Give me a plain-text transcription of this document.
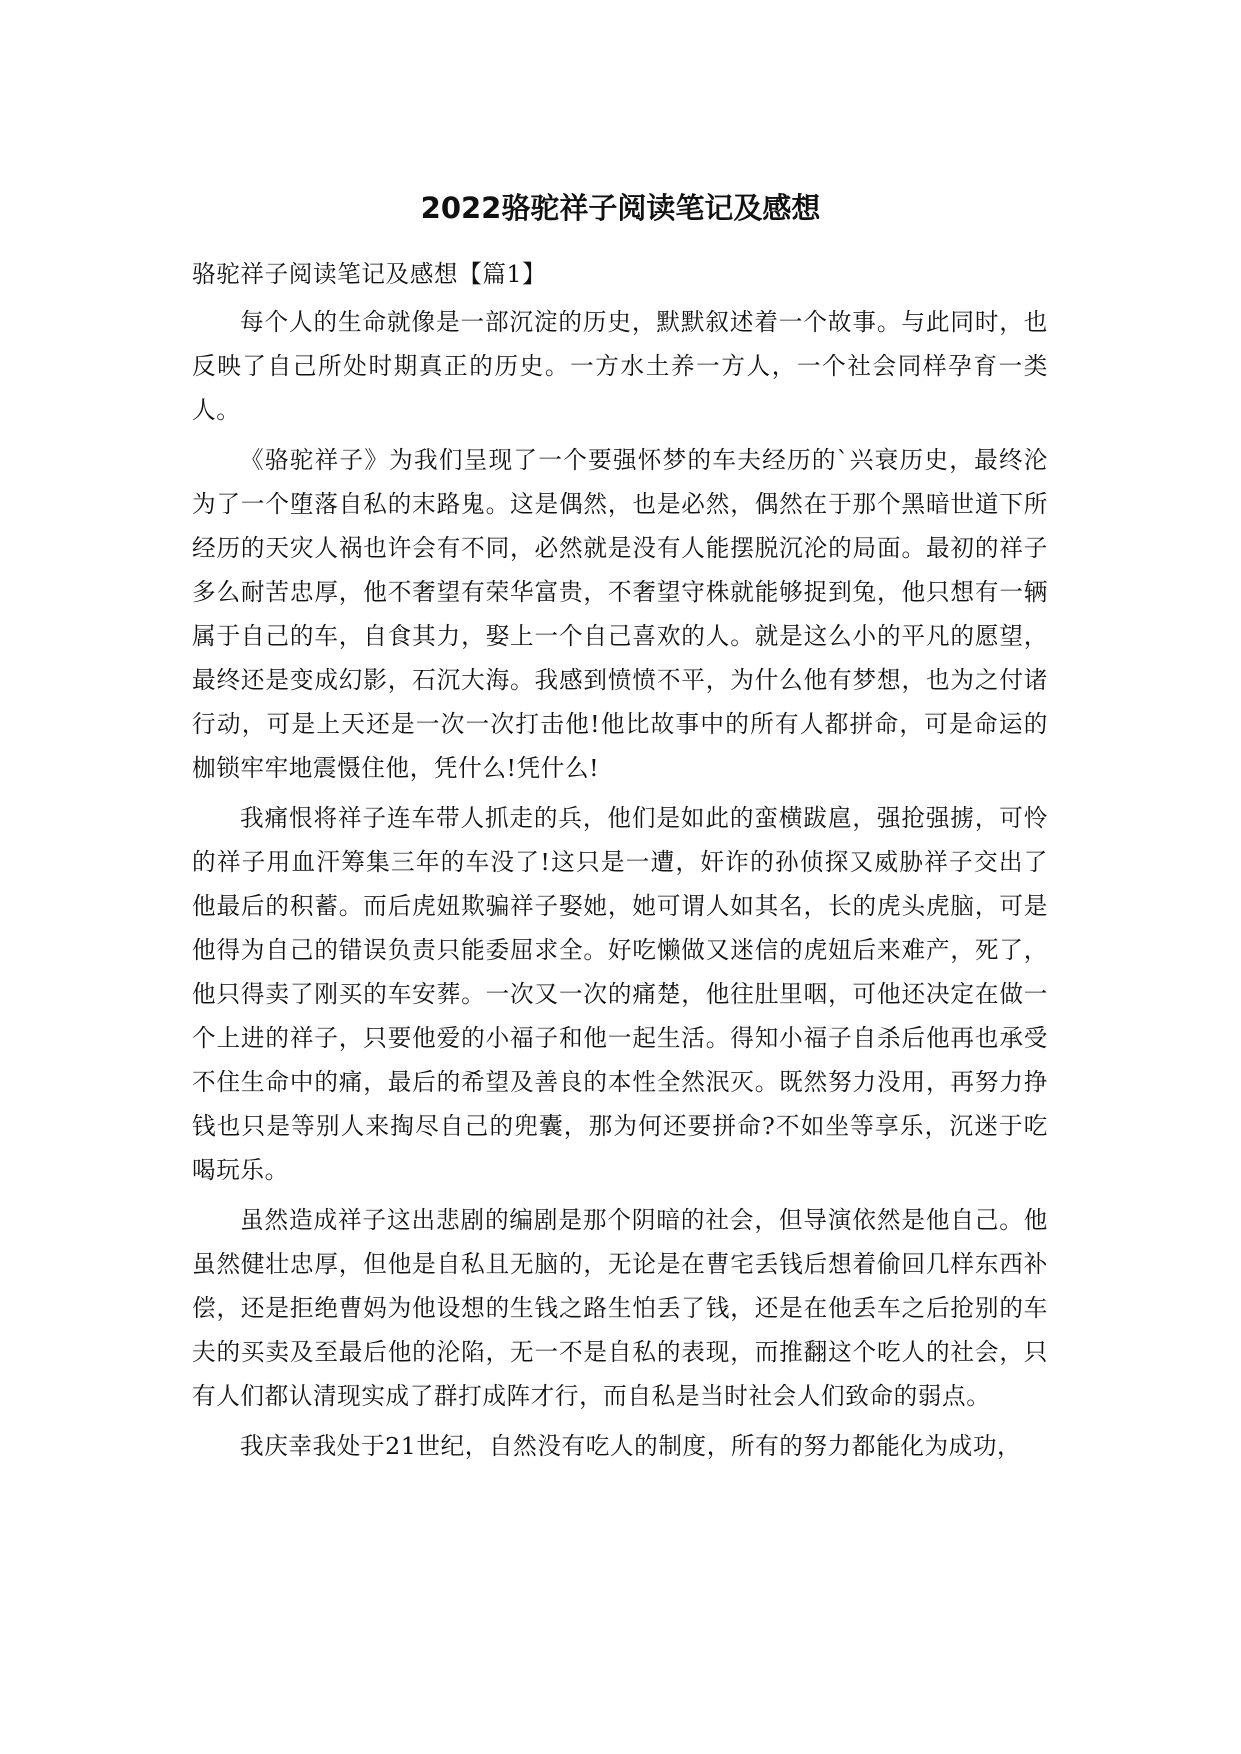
2022骆驼祥子阅读笔记及感想

骆驼祥子阅读笔记及感想【篇1】

每个人的生命就像是一部沉淀的历史，默默叙述着一个故事。与此同时，也反映了自己所处时期真正的历史。一方水土养一方人，一个社会同样孕育一类人。

《骆驼祥子》为我们呈现了一个要强怀梦的车夫经历的`兴衰历史，最终沦为了一个堕落自私的末路鬼。这是偶然，也是必然，偶然在于那个黑暗世道下所经历的天灾人祸也许会有不同，必然就是没有人能摆脱沉沦的局面。最初的祥子多么耐苦忠厚，他不奢望有荣华富贵，不奢望守株就能够捉到兔，他只想有一辆属于自己的车，自食其力，娶上一个自己喜欢的人。就是这么小的平凡的愿望，最终还是变成幻影，石沉大海。我感到愤愤不平，为什么他有梦想，也为之付诸行动，可是上天还是一次一次打击他!他比故事中的所有人都拼命，可是命运的枷锁牢牢地震慑住他，凭什么!凭什么!

我痛恨将祥子连车带人抓走的兵，他们是如此的蛮横跋扈，强抢强掳，可怜的祥子用血汗筹集三年的车没了!这只是一遭，奸诈的孙侦探又威胁祥子交出了他最后的积蓄。而后虎妞欺骗祥子娶她，她可谓人如其名，长的虎头虎脑，可是他得为自己的错误负责只能委屈求全。好吃懒做又迷信的虎妞后来难产，死了，他只得卖了刚买的车安葬。一次又一次的痛楚，他往肚里咽，可他还决定在做一个上进的祥子，只要他爱的小福子和他一起生活。得知小福子自杀后他再也承受不住生命中的痛，最后的希望及善良的本性全然泯灭。既然努力没用，再努力挣钱也只是等别人来掏尽自己的兜囊，那为何还要拼命?不如坐等享乐，沉迷于吃喝玩乐。

虽然造成祥子这出悲剧的编剧是那个阴暗的社会，但导演依然是他自己。他虽然健壮忠厚，但他是自私且无脑的，无论是在曹宅丢钱后想着偷回几样东西补偿，还是拒绝曹妈为他设想的生钱之路生怕丢了钱，还是在他丢车之后抢别的车夫的买卖及至最后他的沦陷，无一不是自私的表现，而推翻这个吃人的社会，只有人们都认清现实成了群打成阵才行，而自私是当时社会人们致命的弱点。

我庆幸我处于21世纪，自然没有吃人的制度，所有的努力都能化为成功，
